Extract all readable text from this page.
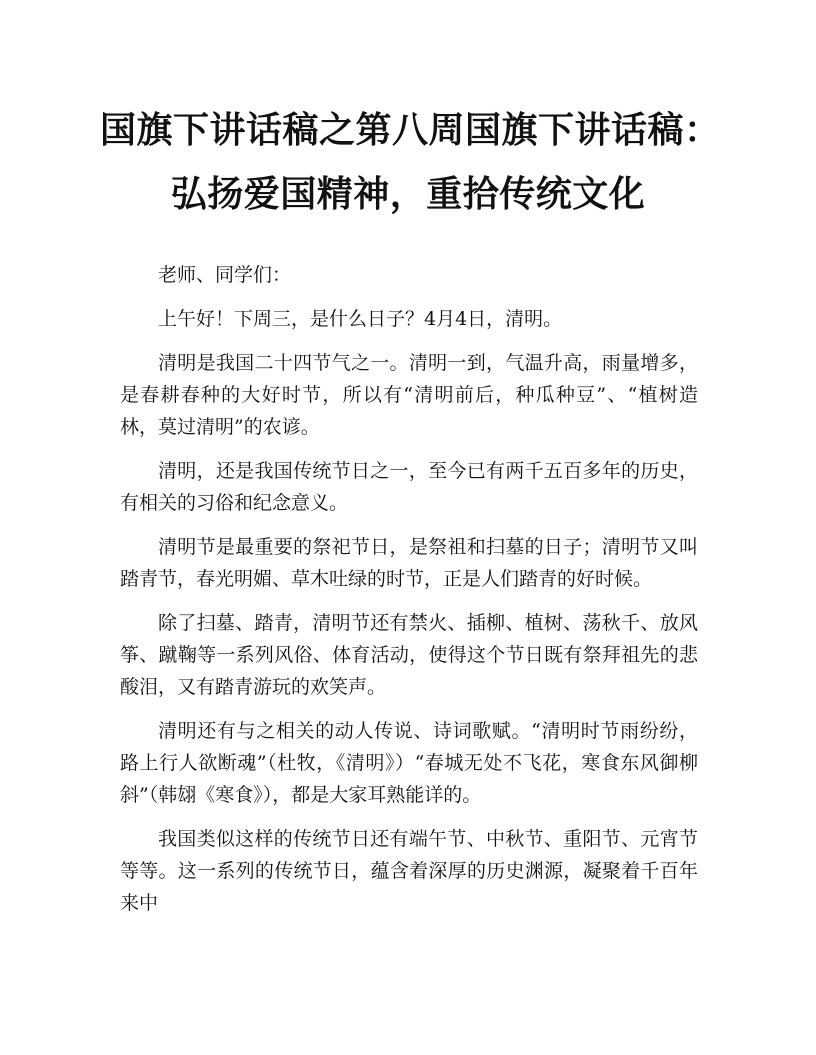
国旗下讲话稿之第八周国旗下讲话稿：
弘扬爱国精神，重拾传统文化

老师、同学们：

上午好！下周三，是什么日子？4月4日，清明。

清明是我国二十四节气之一。清明一到，气温升高，雨量增多，是春耕春种的大好时节，所以有“清明前后，种瓜种豆”、“植树造林，莫过清明”的农谚。

清明，还是我国传统节日之一，至今已有两千五百多年的历史，有相关的习俗和纪念意义。

清明节是最重要的祭祀节日，是祭祖和扫墓的日子；清明节又叫踏青节，春光明媚、草木吐绿的时节，正是人们踏青的好时候。

除了扫墓、踏青，清明节还有禁火、插柳、植树、荡秋千、放风筝、蹴鞠等一系列风俗、体育活动，使得这个节日既有祭拜祖先的悲酸泪，又有踏青游玩的欢笑声。

清明还有与之相关的动人传说、诗词歌赋。“清明时节雨纷纷，路上行人欲断魂”（杜牧，《清明》）“春城无处不飞花，寒食东风御柳斜”（韩翃《寒食》），都是大家耳熟能详的。

我国类似这样的传统节日还有端午节、中秋节、重阳节、元宵节等等。这一系列的传统节日，蕴含着深厚的历史渊源，凝聚着千百年来中
